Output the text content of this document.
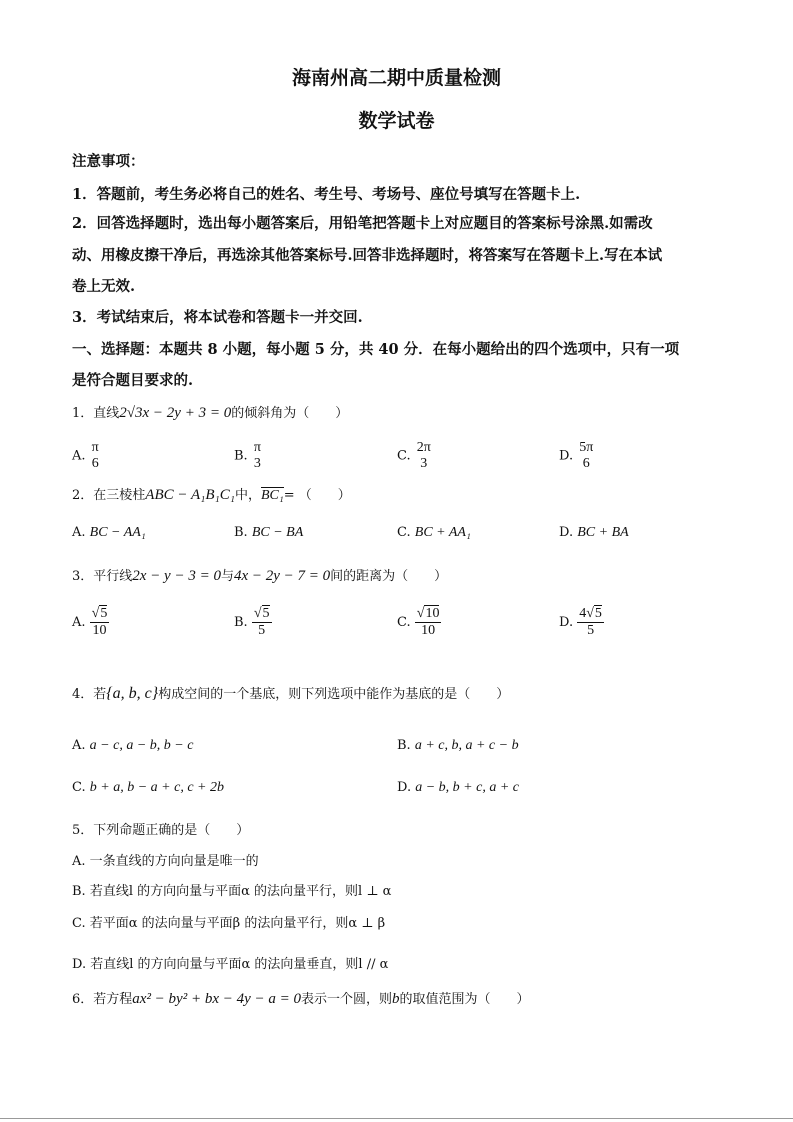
海南州高二期中质量检测
数学试卷
注意事项：
1．答题前，考生务必将自己的姓名、考生号、考场号、座位号填写在答题卡上.
2．回答选择题时，选出每小题答案后，用铅笔把答题卡上对应题目的答案标号涂黑.如需改
动、用橡皮擦干净后，再选涂其他答案标号.回答非选择题时，将答案写在答题卡上.写在本试
卷上无效.
3．考试结束后，将本试卷和答题卡一并交回.
一、选择题：本题共 8 小题，每小题 5 分，共 40 分．在每小题给出的四个选项中，只有一项
是符合题目要求的.
1．直线2√3x − 2y + 3 = 0的倾斜角为（　　）
A.
π
6	B.
π
3	C.
2π
3	D.
5π
6
2．在三棱柱ABC − A₁B₁C₁中，BC₁= （　　）
A. BC − AA₁	B. BC − BA	C. BC + AA₁	D. BC + BA
3．平行线2x − y − 3 = 0与4x − 2y − 7 = 0间的距离为（　　）
A. $\frac{√5}{10}$	B. $\frac{√5}{5}$	C. $\frac{√10}{10}$	D. $\frac{4√5}{5}$
4．若{a, b, c}构成空间的一个基底，则下列选项中能作为基底的是（　　）
A. a − c, a − b, b − c	B. a + c, b, a + c − b
C. b + a, b − a + c, c + 2b	D. a − b, b + c, a + c
5．下列命题正确的是（　　）
A. 一条直线的方向向量是唯一的
B. 若直线l 的方向向量与平面α 的法向量平行，则l ⊥ α
C. 若平面α 的法向量与平面β 的法向量平行，则α ⊥ β
D. 若直线l 的方向向量与平面α 的法向量垂直，则l // α
6．若方程ax² − by² + bx − 4y − a = 0表示一个圆，则b的取值范围为（　　）
